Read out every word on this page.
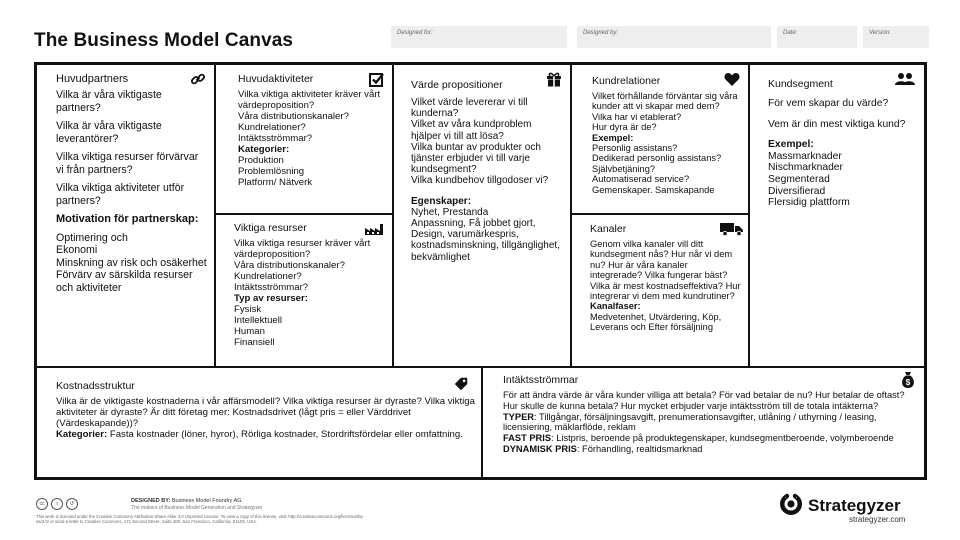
The Business Model Canvas	Designed for:	Designed by:	Date:	Version:
Huvudpartners

Vilka är våra viktigaste partners?

Vilka är våra viktigaste leverantörer?

Vilka viktiga resurser förvärvar vi från partners?

Vilka viktiga aktiviteter utför partners?

Motivation för partnerskap:

Optimering och

Ekonomi

Minskning av risk och osäkerhet

Förvärv av särskilda resurser och aktiviteter

Huvudaktiviteter

Vilka viktiga aktiviteter kräver vårt värdeproposition?

Våra distributionskanaler?

Kundrelationer?

Intäktsströmmar?

Kategorier:

Produktion

Problemlösning

Platform/ Nätverk

Viktiga resurser

Vilka viktiga resurser kräver vårt värdeproposition?

Våra distributionskanaler?

Kundrelationer?

Intäktsströmmar?

Typ av resurser:

Fysisk

Intellektuell

Human

Finansiell

Värde propositioner

Vilket värde levererar vi till kunderna?

Vilket av våra kundproblem hjälper vi till att lösa?

Vilka buntar av produkter och tjänster erbjuder vi till varje kundsegment?

Vilka kundbehov tillgodoser vi?

Egenskaper:

Nyhet, Prestanda

Anpassning, Få jobbet gjort, Design, varumärkespris, kostnadsminskning, tillgänglighet, bekvämlighet

Kundrelationer

Vilket förhållande förväntar sig våra kunder att vi skapar med dem?

Vilka har vi etablerat?

Hur dyra är de?

Exempel:

Personlig assistans?

Dedikerad personlig assistans? Självbetjäning?

Automatiserad service?

Gemenskaper. Samskapande

Kanaler

Genom vilka kanaler vill ditt kundsegment nås? Hur når vi dem nu? Hur är våra kanaler integrerade? Vilka fungerar bäst? Vilka är mest kostnadseffektiva? Hur integrerar vi dem med kundrutiner?

Kanalfaser:

Medvetenhet, Utvärdering, Köp, Leverans och Efter försäljning

Kundsegment

För vem skapar du värde?

Vem är din mest viktiga kund?

Exempel:

Massmarknader

Nischmarknader

Segmenterad

Diversifierad

Flersidig plattform

Kostnadsstruktur

Vilka är de viktigaste kostnaderna i vår affärsmodell? Vilka viktiga resurser är dyraste? Vilka viktiga aktiviteter är dyraste? Är ditt företag mer: Kostnadsdrivet (lågt pris = eller Värddrivet (Värdeskapande))?

Kategorier: Fasta kostnader (löner, hyror), Rörliga kostnader, Stordriftsfördelar eller omfattning.

Intäktsströmmar	$

För att ändra värde är våra kunder villiga att betala? För vad betalar de nu? Hur betalar de oftast? Hur skulle de kunna betala? Hur mycket erbjuder varje intäktsström till de totala intäkterna?

TYPER: Tillgångar, försäljningsavgift, prenumerationsavgifter, utlåning / uthyrning / leasing, licensiering, mäklarflöde, reklam

FAST PRIS: Listpris, beroende på produktegenskaper, kundsegmentberoende, volymberoende

DYNAMISK PRIS: Förhandling, realtidsmarknad

cc	i	↺	DESIGNED BY: Business Model Foundry AG
The makers of Business Model Generation and Strategyzer
This work is licensed under the Creative Commons Attribution-Share Alike 3.0 Unported License. To view a copy of this license, visit: http://creativecommons.org/licenses/by-sa/3.0/ or send a letter to Creative Commons, 171 Second Street, Suite 300, San Francisco, California, 94105, USA.
Strategyzer
strategyzer.com
